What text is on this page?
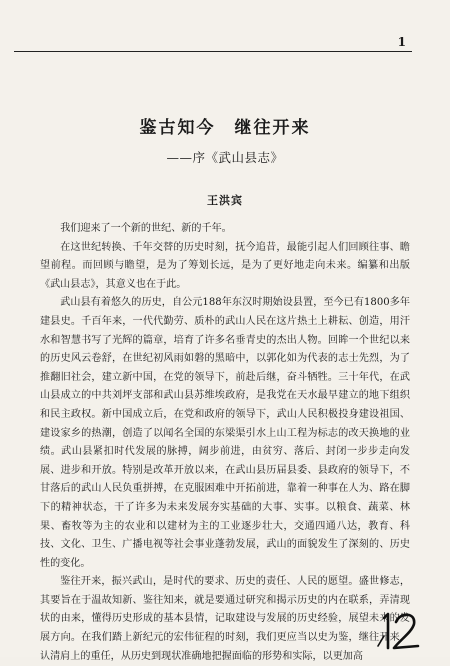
1
鉴古知今　继往开来
——序《武山县志》
王洪宾

我们迎来了一个新的世纪、新的千年。

在这世纪转换、千年交替的历史时刻，抚今追昔，最能引起人们回顾往事、瞻望前程。而回顾与瞻望，是为了筹划长远，是为了更好地走向未来。编纂和出版《武山县志》，其意义也在于此。

武山县有着悠久的历史，自公元188年东汉时期始设县置，至今已有1800多年建县史。千百年来，一代代勤劳、质朴的武山人民在这片热土上耕耘、创造，用汗水和智慧书写了光辉的篇章，培育了许多名垂青史的杰出人物。回眸一个世纪以来的历史风云卷舒，在世纪初风雨如磐的黑暗中，以郭化如为代表的志士先烈，为了推翻旧社会，建立新中国，在党的领导下，前赴后继，奋斗牺牲。三十年代，在武山县成立的中共刘坪支部和武山县苏维埃政府，是我党在天水最早建立的地下组织和民主政权。新中国成立后，在党和政府的领导下，武山人民积极投身建设祖国、建设家乡的热潮，创造了以闻名全国的东梁渠引水上山工程为标志的改天换地的业绩。武山县紧扣时代发展的脉搏，阔步前进，由贫穷、落后、封闭一步步走向发展、进步和开放。特别是改革开放以来，在武山县历届县委、县政府的领导下，不甘落后的武山人民负重拼搏，在克服困难中开拓前进，靠着一种事在人为、路在脚下的精神状态，干了许多为未来发展夯实基础的大事、实事。以粮食、蔬菜、林果、畜牧等为主的农业和以建材为主的工业逐步壮大，交通四通八达，教育、科技、文化、卫生、广播电视等社会事业蓬勃发展，武山的面貌发生了深刻的、历史性的变化。

鉴往开来，振兴武山，是时代的要求、历史的责任、人民的愿望。盛世修志，其要旨在于温故知新、鉴往知来，就是要通过研究和揭示历史的内在联系，弄清现状的由来，懂得历史形成的基本县情，记取建设与发展的历史经验，展望未来的发展方向。在我们踏上新纪元的宏伟征程的时刻，我们更应当以史为鉴，继往开来，认清肩上的重任，从历史到现状准确地把握面临的形势和实际，以更加高
